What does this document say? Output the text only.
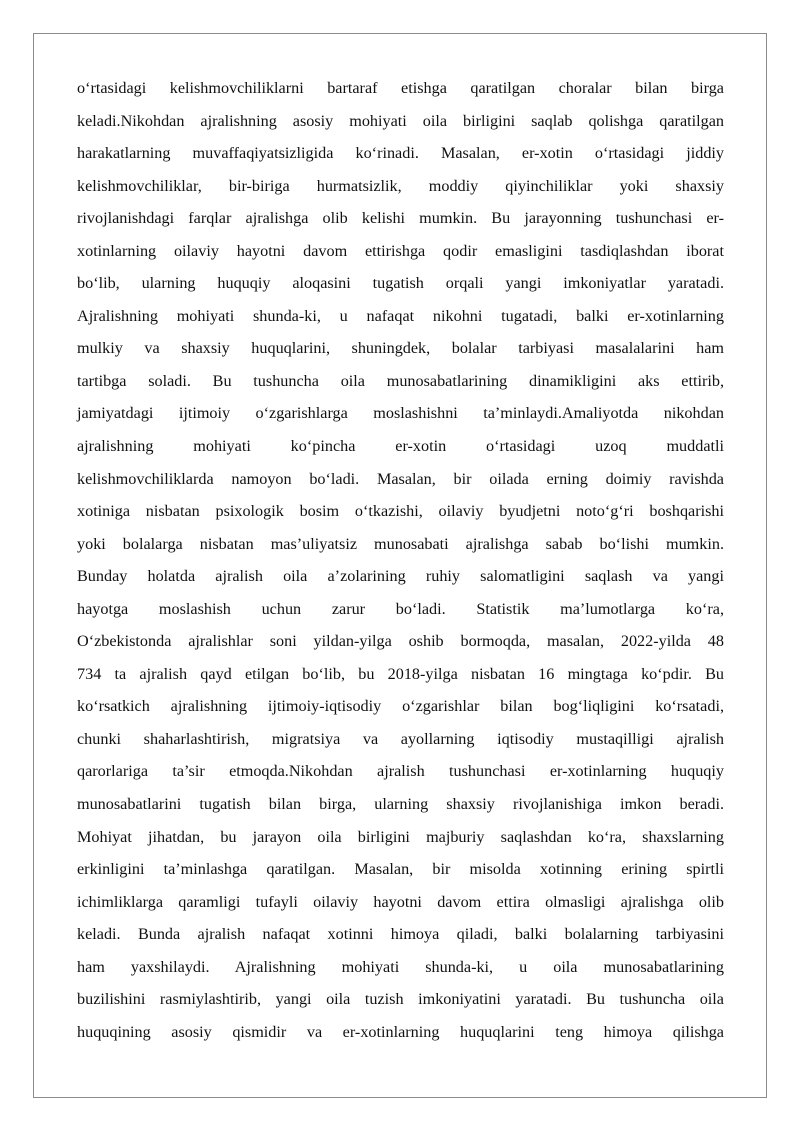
o‘rtasidagi kelishmovchiliklarni bartaraf etishga qaratilgan choralar bilan birga
keladi.Nikohdan ajralishning asosiy mohiyati oila birligini saqlab qolishga qaratilgan
harakatlarning muvaffaqiyatsizligida ko‘rinadi. Masalan, er-xotin o‘rtasidagi jiddiy
kelishmovchiliklar, bir-biriga hurmatsizlik, moddiy qiyinchiliklar yoki shaxsiy
rivojlanishdagi farqlar ajralishga olib kelishi mumkin. Bu jarayonning tushunchasi er-
xotinlarning oilaviy hayotni davom ettirishga qodir emasligini tasdiqlashdan iborat
bo‘lib, ularning huquqiy aloqasini tugatish orqali yangi imkoniyatlar yaratadi.
Ajralishning mohiyati shunda-ki, u nafaqat nikohni tugatadi, balki er-xotinlarning
mulkiy va shaxsiy huquqlarini, shuningdek, bolalar tarbiyasi masalalarini ham
tartibga soladi. Bu tushuncha oila munosabatlarining dinamikligini aks ettirib,
jamiyatdagi ijtimoiy o‘zgarishlarga moslashishni ta’minlaydi.Amaliyotda nikohdan
ajralishning mohiyati ko‘pincha er-xotin o‘rtasidagi uzoq muddatli
kelishmovchiliklarda namoyon bo‘ladi. Masalan, bir oilada erning doimiy ravishda
xotiniga nisbatan psixologik bosim o‘tkazishi, oilaviy byudjetni noto‘g‘ri boshqarishi
yoki bolalarga nisbatan mas’uliyatsiz munosabati ajralishga sabab bo‘lishi mumkin.
Bunday holatda ajralish oila a’zolarining ruhiy salomatligini saqlash va yangi
hayotga moslashish uchun zarur bo‘ladi. Statistik ma’lumotlarga ko‘ra,
O‘zbekistonda ajralishlar soni yildan-yilga oshib bormoqda, masalan, 2022-yilda 48
734 ta ajralish qayd etilgan bo‘lib, bu 2018-yilga nisbatan 16 mingtaga ko‘pdir. Bu
ko‘rsatkich ajralishning ijtimoiy-iqtisodiy o‘zgarishlar bilan bog‘liqligini ko‘rsatadi,
chunki shaharlashtirish, migratsiya va ayollarning iqtisodiy mustaqilligi ajralish
qarorlariga ta’sir etmoqda.Nikohdan ajralish tushunchasi er-xotinlarning huquqiy
munosabatlarini tugatish bilan birga, ularning shaxsiy rivojlanishiga imkon beradi.
Mohiyat jihatdan, bu jarayon oila birligini majburiy saqlashdan ko‘ra, shaxslarning
erkinligini ta’minlashga qaratilgan. Masalan, bir misolda xotinning erining spirtli
ichimliklarga qaramligi tufayli oilaviy hayotni davom ettira olmasligi ajralishga olib
keladi. Bunda ajralish nafaqat xotinni himoya qiladi, balki bolalarning tarbiyasini
ham yaxshilaydi. Ajralishning mohiyati shunda-ki, u oila munosabatlarining
buzilishini rasmiylashtirib, yangi oila tuzish imkoniyatini yaratadi. Bu tushuncha oila
huquqining asosiy qismidir va er-xotinlarning huquqlarini teng himoya qilishga
